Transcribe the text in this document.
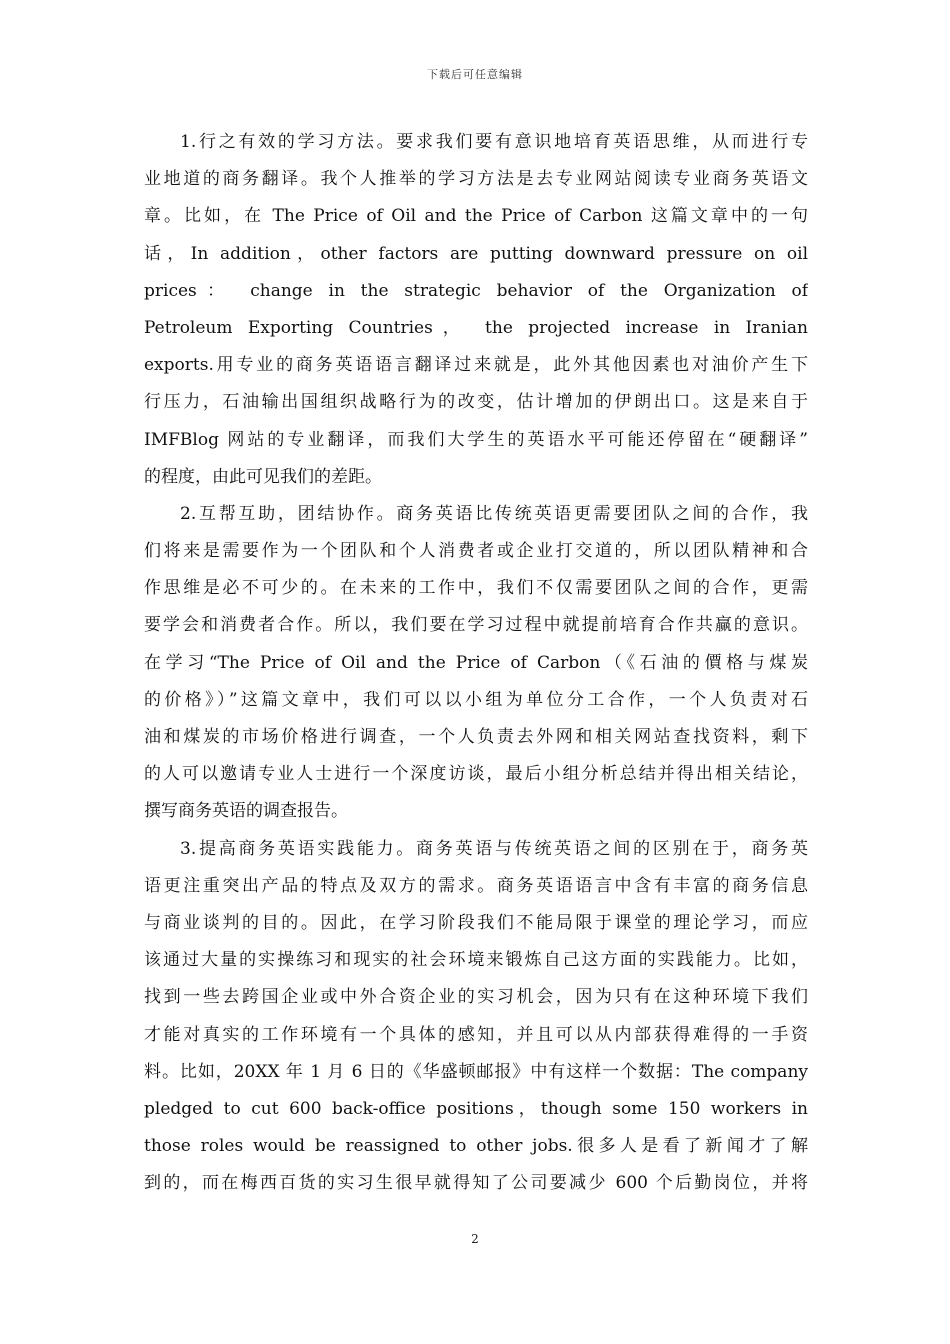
下载后可任意编辑
1.行之有效的学习方法。要求我们要有意识地培育英语思维，从而进行专
业地道的商务翻译。我个人推举的学习方法是去专业网站阅读专业商务英语文
章。比如，在 The Price of Oil and the Price of Carbon 这篇文章中的一句
话，In addition，other factors are putting downward pressure on oil
prices： change in the strategic behavior of the Organization of
Petroleum Exporting Countries， the projected increase in Iranian
exports.用专业的商务英语语言翻译过来就是，此外其他因素也对油价产生下
行压力，石油输出国组织战略行为的改变，估计增加的伊朗出口。这是来自于
IMFBlog 网站的专业翻译，而我们大学生的英语水平可能还停留在“硬翻译”
的程度，由此可见我们的差距。
2.互帮互助，团结协作。商务英语比传统英语更需要团队之间的合作，我
们将来是需要作为一个团队和个人消费者或企业打交道的，所以团队精神和合
作思维是必不可少的。在未来的工作中，我们不仅需要团队之间的合作，更需
要学会和消费者合作。所以，我们要在学习过程中就提前培育合作共赢的意识。
在学习“The Price of Oil and the Price of Carbon（《石油的價格与煤炭
的价格》）”这篇文章中，我们可以以小组为单位分工合作，一个人负责对石
油和煤炭的市场价格进行调查，一个人负责去外网和相关网站查找资料，剩下
的人可以邀请专业人士进行一个深度访谈，最后小组分析总结并得出相关结论，
撰写商务英语的调查报告。
3.提高商务英语实践能力。商务英语与传统英语之间的区别在于，商务英
语更注重突出产品的特点及双方的需求。商务英语语言中含有丰富的商务信息
与商业谈判的目的。因此，在学习阶段我们不能局限于课堂的理论学习，而应
该通过大量的实操练习和现实的社会环境来锻炼自己这方面的实践能力。比如，
找到一些去跨国企业或中外合资企业的实习机会，因为只有在这种环境下我们
才能对真实的工作环境有一个具体的感知，并且可以从内部获得难得的一手资
料。比如，20XX 年 1 月 6 日的《华盛顿邮报》中有这样一个数据：The company
pledged to cut 600 back-office positions，though some 150 workers in
those roles would be reassigned to other jobs.很多人是看了新闻才了解
到的，而在梅西百货的实习生很早就得知了公司要减少 600 个后勤岗位，并将
2
